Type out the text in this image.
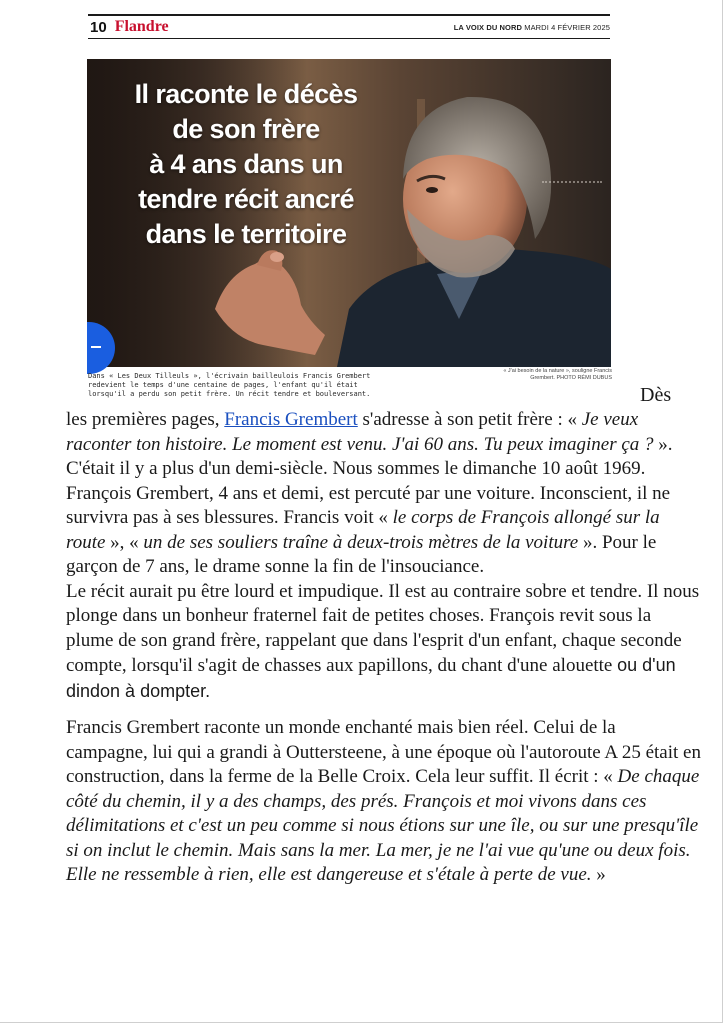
10 Flandre	LA VOIX DU NORD MARDI 4 FÉVRIER 2025
Il raconte le décès
de son frère
à 4 ans dans un
tendre récit ancré
dans le territoire
Dans « Les Deux Tilleuls », l'écrivain bailleulois Francis Grembert redevient le temps d'une centaine de pages, l'enfant qu'il était lorsqu'il a perdu son petit frère. Un récit tendre et bouleversant.
« J'ai besoin de la nature », souligne Francis Grembert. PHOTO RÉMI DUBUS
Dès

les premières pages, Francis Grembert s'adresse à son petit frère : « Je veux raconter ton histoire. Le moment est venu. J'ai 60 ans. Tu peux imaginer ça ? ».

C'était il y a plus d'un demi-siècle. Nous sommes le dimanche 10 août 1969. François Grembert, 4 ans et demi, est percuté par une voiture. Inconscient, il ne survivra pas à ses blessures. Francis voit « le corps de François allongé sur la route », « un de ses souliers traîne à deux-trois mètres de la voiture ». Pour le garçon de 7 ans, le drame sonne la fin de l'insouciance.

Le récit aurait pu être lourd et impudique. Il est au contraire sobre et tendre. Il nous plonge dans un bonheur fraternel fait de petites choses. François revit sous la plume de son grand frère, rappelant que dans l'esprit d'un enfant, chaque seconde compte, lorsqu'il s'agit de chasses aux papillons, du chant d'une alouette ou d'un dindon à dompter.

Francis Grembert raconte un monde enchanté mais bien réel. Celui de la campagne, lui qui a grandi à Outtersteene, à une époque où l'autoroute A 25 était en construction, dans la ferme de la Belle Croix. Cela leur suffit. Il écrit : « De chaque côté du chemin, il y a des champs, des prés. François et moi vivons dans ces délimitations et c'est un peu comme si nous étions sur une île, ou sur une presqu'île si on inclut le chemin. Mais sans la mer. La mer, je ne l'ai vue qu'une ou deux fois. Elle ne ressemble à rien, elle est dangereuse et s'étale à perte de vue. »
